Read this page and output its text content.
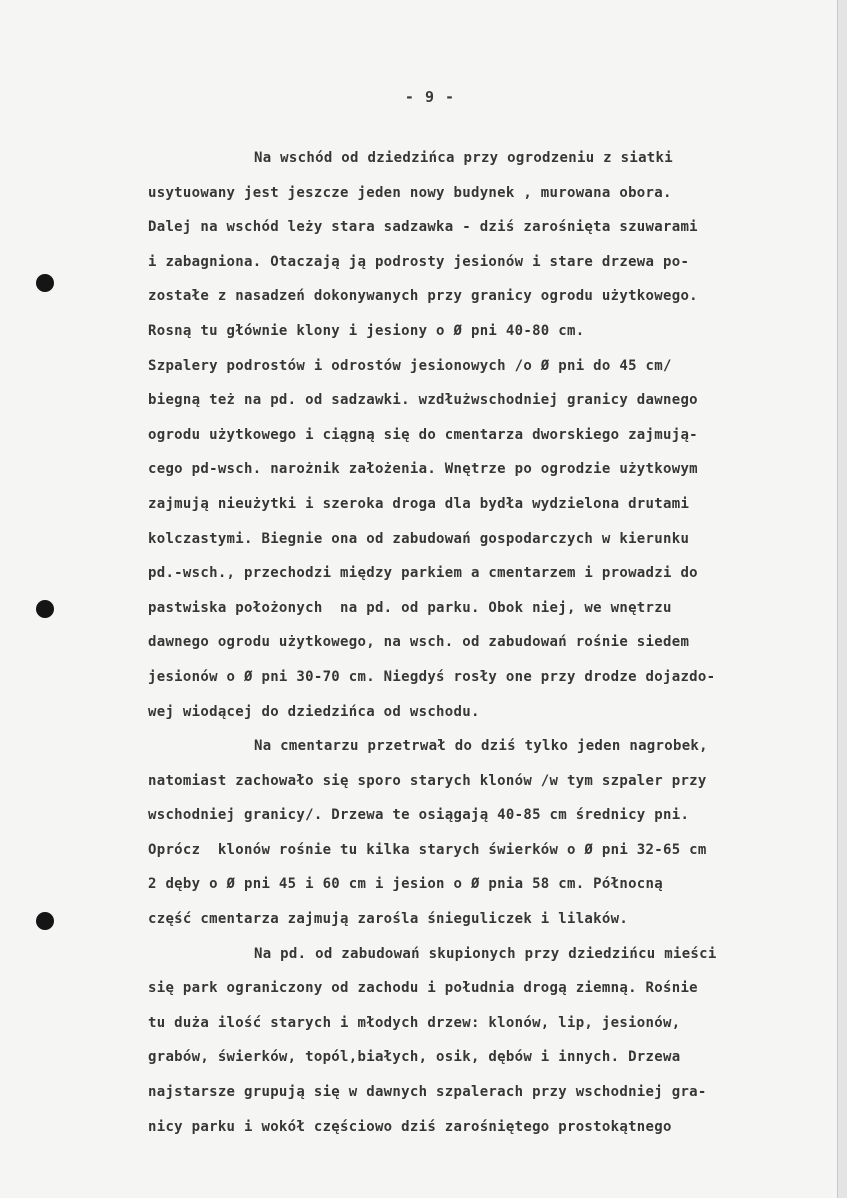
- 9 -
Na wschód od dziedzińca przy ogrodzeniu z siatki
usytuowany jest jeszcze jeden nowy budynek , murowana obora.
Dalej na wschód leży stara sadzawka - dziś zarośnięta szuwarami
i zabagniona. Otaczają ją podrosty jesionów i stare drzewa po-
zostałe z nasadzeń dokonywanych przy granicy ogrodu użytkowego.
Rosną tu głównie klony i jesiony o Ø pni 40-80 cm.
Szpalery podrostów i odrostów jesionowych /o Ø pni do 45 cm/
biegną też na pd. od sadzawki. wzdłużwschodniej granicy dawnego
ogrodu użytkowego i ciągną się do cmentarza dworskiego zajmują-
cego pd-wsch. narożnik założenia. Wnętrze po ogrodzie użytkowym
zajmują nieużytki i szeroka droga dla bydła wydzielona drutami
kolczastymi. Biegnie ona od zabudowań gospodarczych w kierunku
pd.-wsch., przechodzi między parkiem a cmentarzem i prowadzi do
pastwiska położonych  na pd. od parku. Obok niej, we wnętrzu
dawnego ogrodu użytkowego, na wsch. od zabudowań rośnie siedem
jesionów o Ø pni 30-70 cm. Niegdyś rosły one przy drodze dojazdo-
wej wiodącej do dziedzińca od wschodu.
Na cmentarzu przetrwał do dziś tylko jeden nagrobek,
natomiast zachowało się sporo starych klonów /w tym szpaler przy
wschodniej granicy/. Drzewa te osiągają 40-85 cm średnicy pni.
Oprócz  klonów rośnie tu kilka starych świerków o Ø pni 32-65 cm
2 dęby o Ø pni 45 i 60 cm i jesion o Ø pnia 58 cm. Północną
część cmentarza zajmują zarośla śnieguliczek i lilaków.
Na pd. od zabudowań skupionych przy dziedzińcu mieści
się park ograniczony od zachodu i południa drogą ziemną. Rośnie
tu duża ilość starych i młodych drzew: klonów, lip, jesionów,
grabów, świerków, topól,białych, osik, dębów i innych. Drzewa
najstarsze grupują się w dawnych szpalerach przy wschodniej gra-
nicy parku i wokół częściowo dziś zarośniętego prostokątnego
